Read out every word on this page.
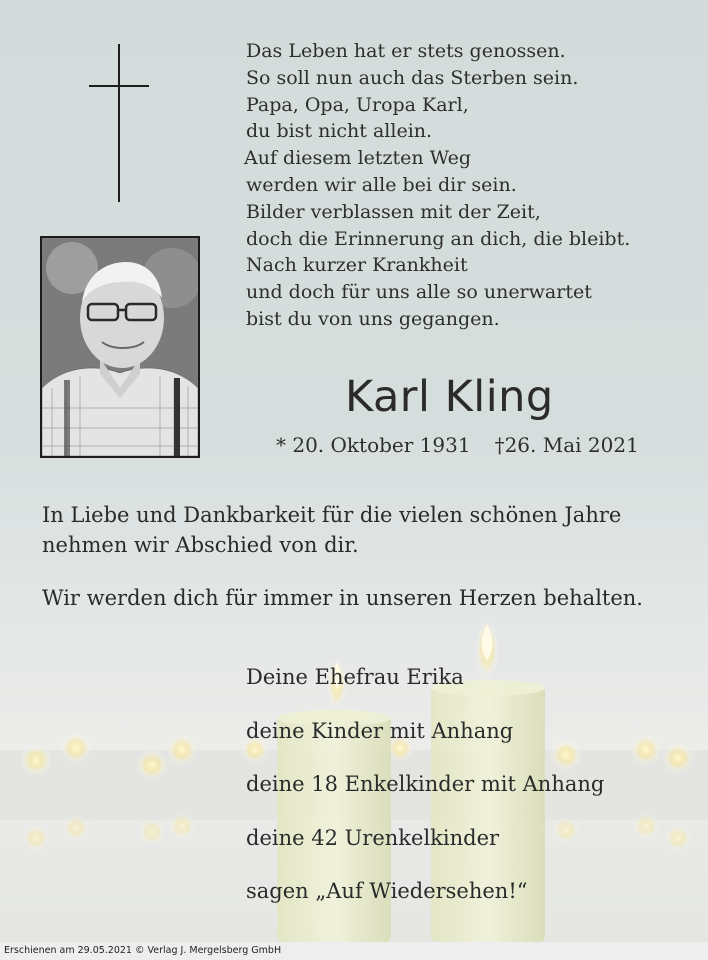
Das Leben hat er stets genossen.
So soll nun auch das Sterben sein.
Papa, Opa, Uropa Karl,
du bist nicht allein.
Auf diesem letzten Weg
werden wir alle bei dir sein.
Bilder verblassen mit der Zeit,
doch die Erinnerung an dich, die bleibt.
Nach kurzer Krankheit
und doch für uns alle so unerwartet
bist du von uns gegangen.
Karl Kling
* 20. Oktober 1931 †26. Mai 2021
In Liebe und Dankbarkeit für die vielen schönen Jahre
nehmen wir Abschied von dir.
Wir werden dich für immer in unseren Herzen behalten.
Deine Ehefrau Erika
deine Kinder mit Anhang
deine 18 Enkelkinder mit Anhang
deine 42 Urenkelkinder
sagen „Auf Wiedersehen!“
Erschienen am 29.05.2021 © Verlag J. Mergelsberg GmbH
